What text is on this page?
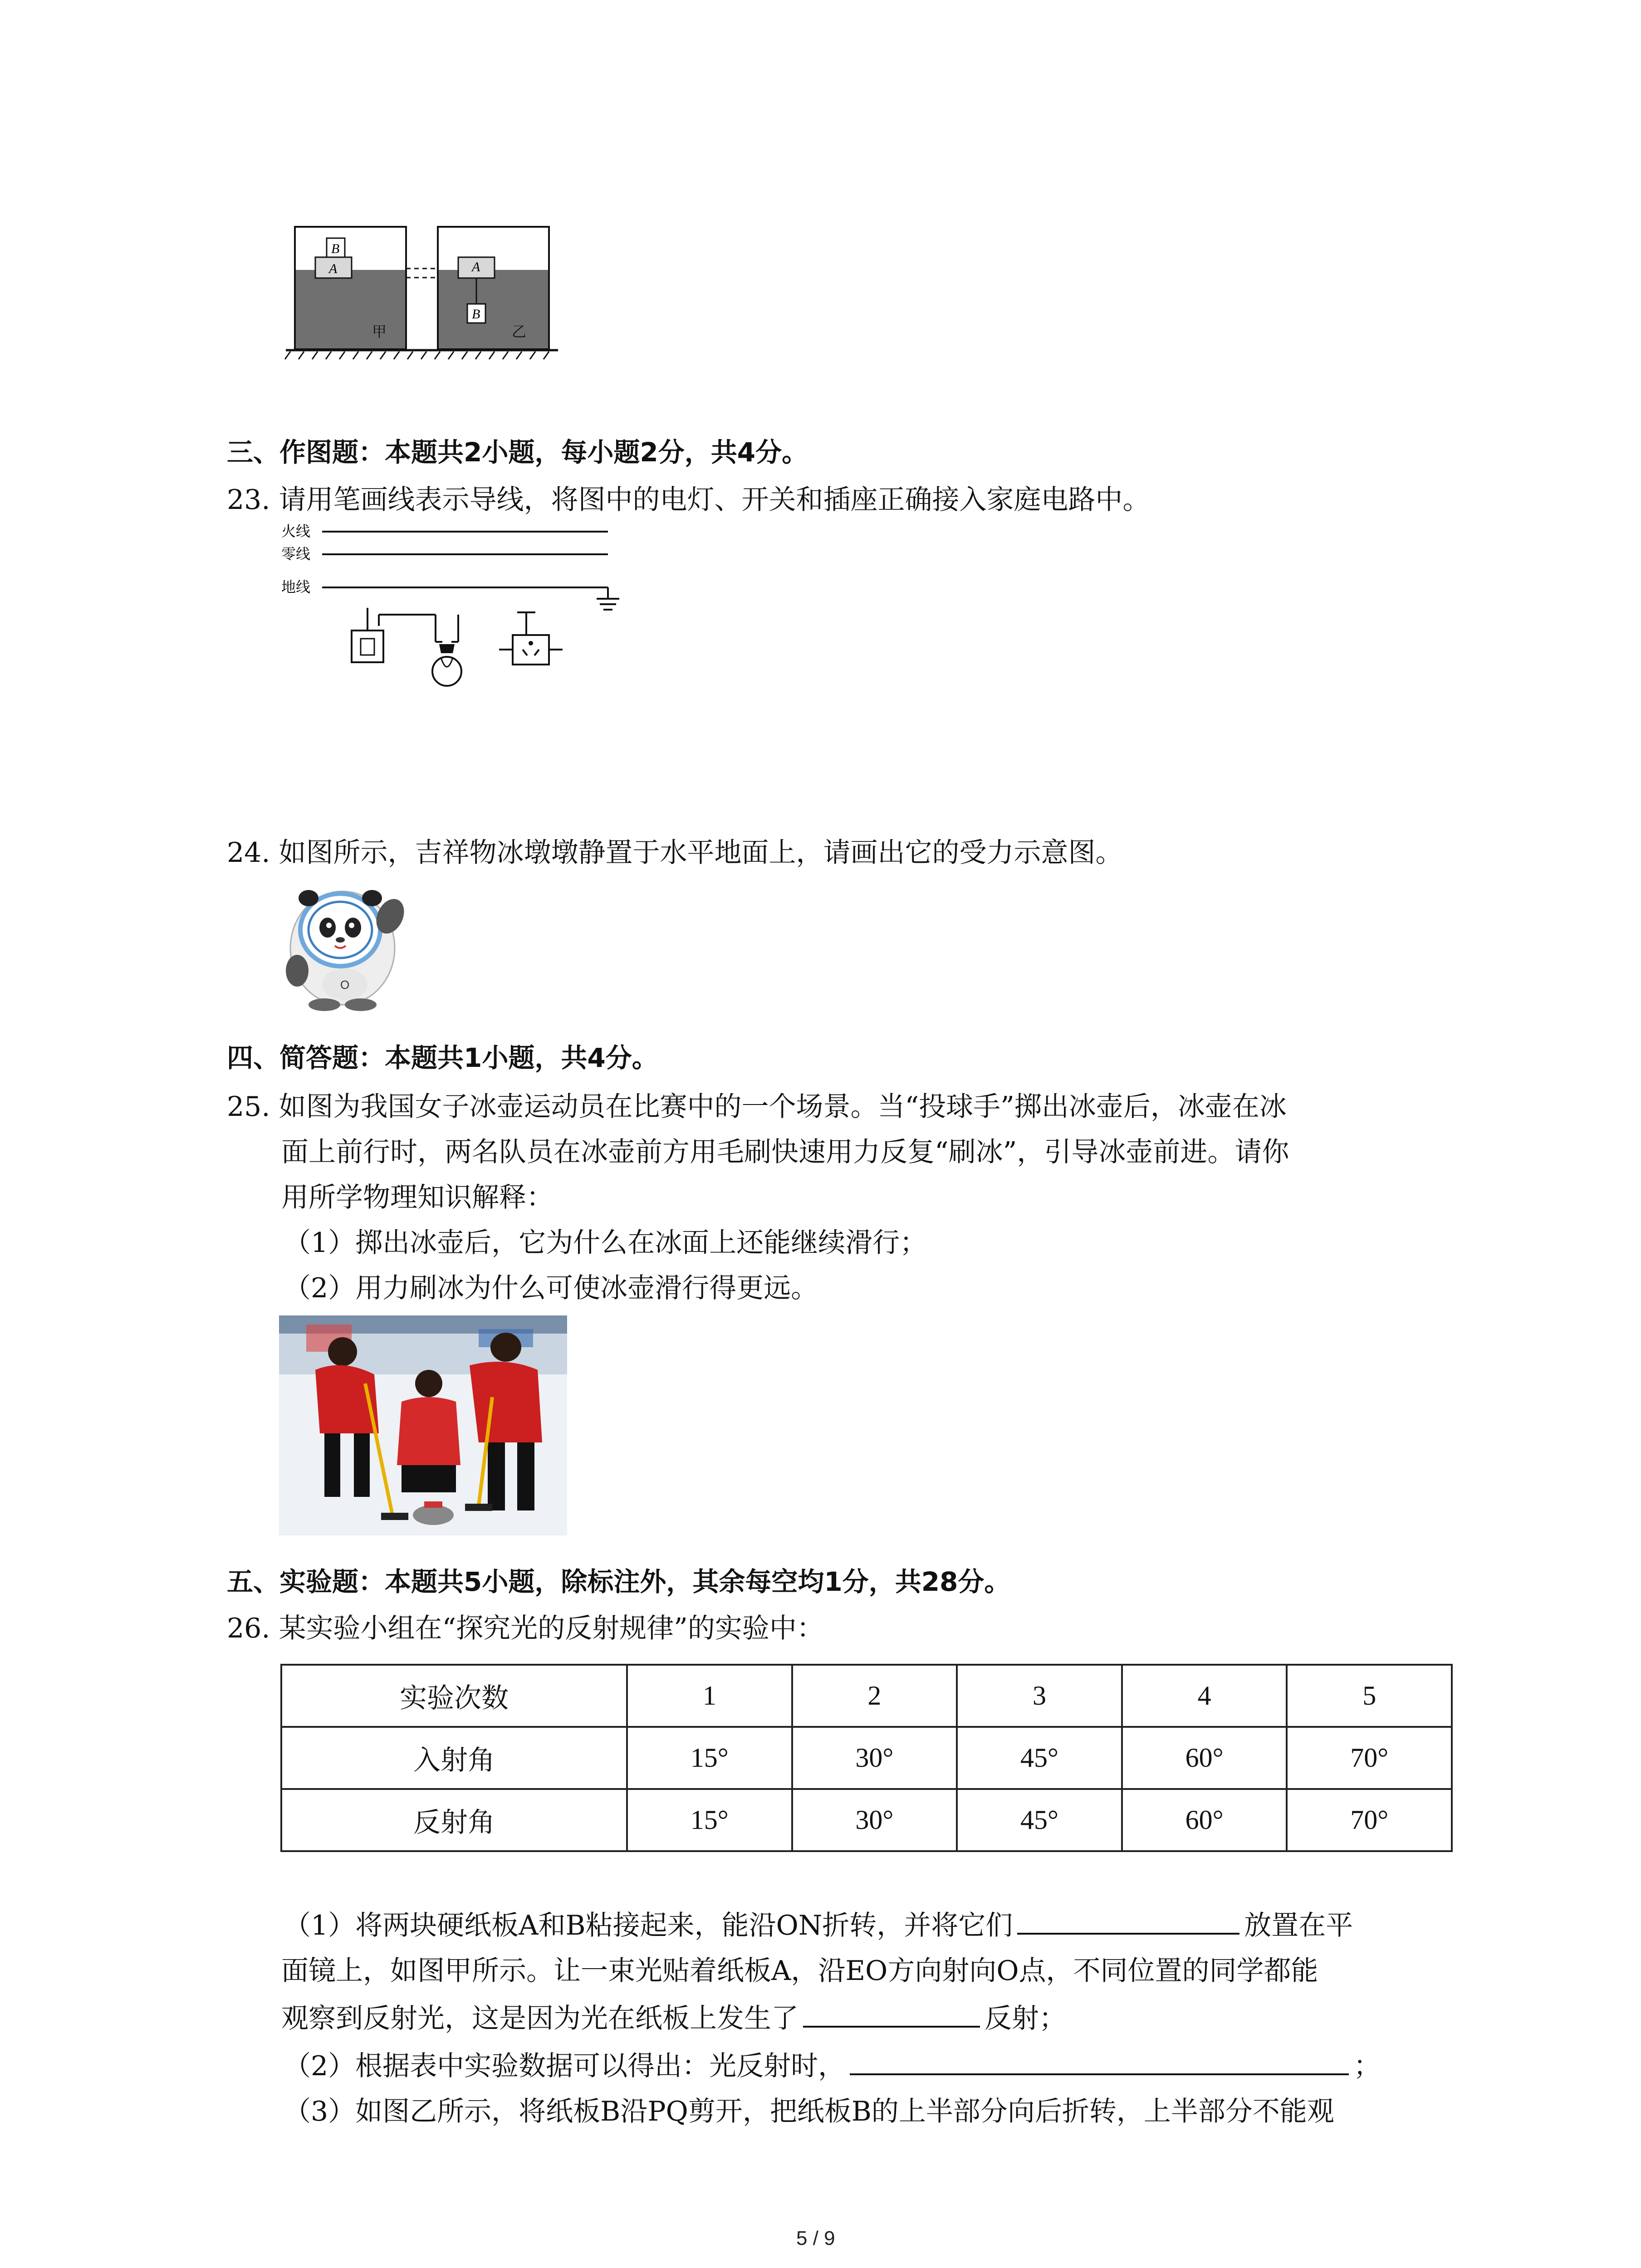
B
A
甲
A
B
乙
三、作图题：本题共2小题，每小题2分，共4分。
23. 请用笔画线表示导线，将图中的电灯、开关和插座正确接入家庭电路中。
火线
零线
地线
24. 如图所示，吉祥物冰墩墩静置于水平地面上，请画出它的受力示意图。
O
四、简答题：本题共1小题，共4分。
25. 如图为我国女子冰壶运动员在比赛中的一个场景。当“投球手”掷出冰壶后，冰壶在冰
面上前行时，两名队员在冰壶前方用毛刷快速用力反复“刷冰”，引导冰壶前进。请你
用所学物理知识解释：
（1）掷出冰壶后，它为什么在冰面上还能继续滑行；
（2）用力刷冰为什么可使冰壶滑行得更远。
五、实验题：本题共5小题，除标注外，其余每空均1分，共28分。
26. 某实验小组在“探究光的反射规律”的实验中：
实验次数	1	2	3	4	5
入射角	15°	30°	45°	60°	70°
反射角	15°	30°	45°	60°	70°
（1）将两块硬纸板A和B粘接起来，能沿ON折转，并将它们	放置在平
面镜上，如图甲所示。让一束光贴着纸板A，沿EO方向射向O点，不同位置的同学都能
观察到反射光，这是因为光在纸板上发生了	反射；
（2）根据表中实验数据可以得出：光反射时，	；
（3）如图乙所示，将纸板B沿PQ剪开，把纸板B的上半部分向后折转，上半部分不能观
5 / 9
